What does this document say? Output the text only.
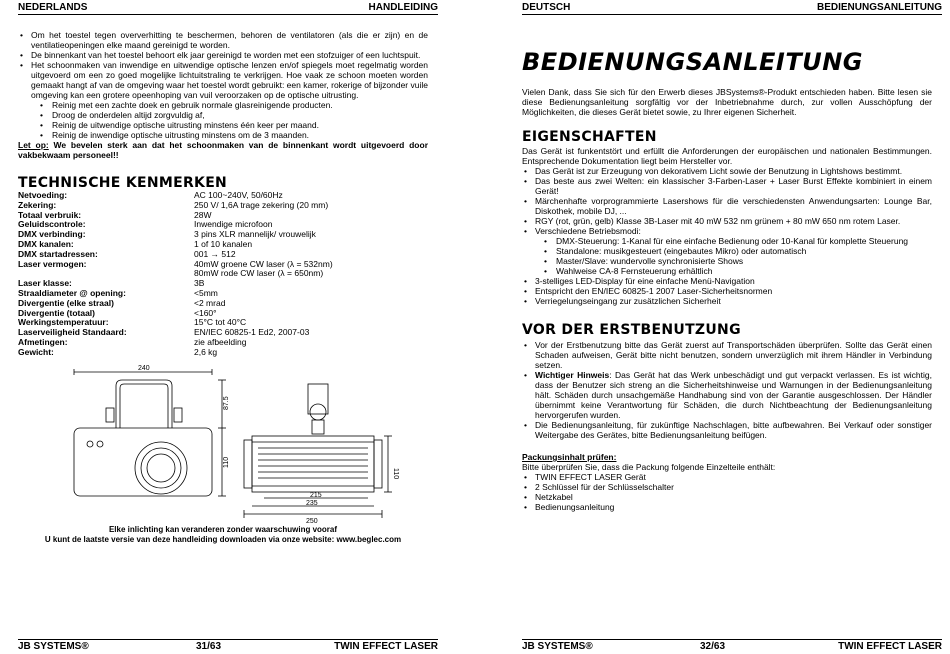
NEDERLANDS	HANDLEIDING
• Om het toestel tegen oververhitting te beschermen, behoren de ventilatoren (als die er zijn) en de ventilatieopeningen elke maand gereinigd te worden.
• De binnenkant van het toestel behoort elk jaar gereinigd te worden met een stofzuiger of een luchtspuit.
• Het schoonmaken van inwendige en uitwendige optische lenzen en/of spiegels moet regelmatig worden uitgevoerd om een zo goed mogelijke lichtuitstraling te verkrijgen. Hoe vaak ze schoon moeten worden gemaakt hangt af van de omgeving waar het toestel wordt gebruikt: een kamer, rokerige of bijzonder vuile omgeving kan een grotere opeenhoping van vuil veroorzaken op de optische uitrusting.
• Reinig met een zachte doek en gebruik normale glasreinigende producten.
• Droog de onderdelen altijd zorgvuldig af,
• Reinig de uitwendige optische uitrusting minstens één keer per maand.
• Reinig de inwendige optische uitrusting minstens om de 3 maanden.

Let op: We bevelen sterk aan dat het schoonmaken van de binnenkant wordt uitgevoerd door vakbekwaam personeel!!

TECHNISCHE KENMERKEN
Netvoeding:	AC 100~240V, 50/60Hz
Zekering:	250 V/ 1,6A trage zekering (20 mm)
Totaal verbruik:	28W
Geluidscontrole:	Inwendige microfoon
DMX verbinding:	3 pins XLR mannelijk/ vrouwelijk
DMX kanalen:	1 of 10 kanalen
DMX startadressen:	001 → 512
Laser vermogen:	40mW groene CW laser (λ = 532nm)
	80mW rode CW laser (λ = 650nm)
Laser klasse:	3B
Straaldiameter @ opening:	<5mm
Divergentie (elke straal)	<2 mrad
Divergentie (totaal)	<160°
Werkingstemperatuur:	15°C tot 40°C
Laserveiligheid Standaard:	EN/IEC 60825-1 Ed2, 2007-03
Afmetingen:	zie afbeelding
Gewicht:	2,6 kg
240
87.5
110
110
215
235
250
Elke inlichting kan veranderen zonder waarschuwing vooraf
U kunt de laatste versie van deze handleiding downloaden via onze website: www.beglec.com
JB SYSTEMS®	31/63	TWIN EFFECT LASER
DEUTSCH	BEDIENUNGSANLEITUNG
BEDIENUNGSANLEITUNG

Vielen Dank, dass Sie sich für den Erwerb dieses JBSystems®-Produkt entschieden haben. Bitte lesen sie diese Bedienungsanleitung sorgfältig vor der Inbetriebnahme durch, zur vollen Ausschöpfung der Möglichkeiten, die dieses Gerät bietet sowie, zu Ihrer eigenen Sicherheit.

EIGENSCHAFTEN

Das Gerät ist funkentstört und erfüllt die Anforderungen der europäischen und nationalen Bestimmungen. Entsprechende Dokumentation liegt beim Hersteller vor.

• Das Gerät ist zur Erzeugung von dekorativem Licht sowie der Benutzung in Lightshows bestimmt.
• Das beste aus zwei Welten: ein klassischer 3-Farben-Laser + Laser Burst Effekte kombiniert in einem Gerät!
• Märchenhafte vorprogrammierte Lasershows für die verschiedensten Anwendungsarten: Lounge Bar, Diskothek, mobile DJ, ...
• RGY (rot, grün, gelb) Klasse 3B-Laser mit 40 mW 532 nm grünem + 80 mW 650 nm rotem Laser.
• Verschiedene Betriebsmodi:
• DMX-Steuerung: 1-Kanal für eine einfache Bedienung oder 10-Kanal für komplette Steuerung
• Standalone: musikgesteuert (eingebautes Mikro) oder automatisch
• Master/Slave: wundervolle synchronisierte Shows
• Wahlweise CA-8 Fernsteuerung erhältlich
• 3-stelliges LED-Display für eine einfache Menü-Navigation
• Entspricht den EN/IEC 60825-1 2007 Laser-Sicherheitsnormen
• Verriegelungseingang zur zusätzlichen Sicherheit
VOR DER ERSTBENUTZUNG
• Vor der Erstbenutzung bitte das Gerät zuerst auf Transportschäden überprüfen. Sollte das Gerät einen Schaden aufweisen, Gerät bitte nicht benutzen, sondern unverzüglich mit ihrem Händler in Verbindung setzen.
• Wichtiger Hinweis: Das Gerät hat das Werk unbeschädigt und gut verpackt verlassen. Es ist wichtig, dass der Benutzer sich streng an die Sicherheitshinweise und Warnungen in der Bedienungsanleitung hält. Schäden durch unsachgemäße Handhabung sind von der Garantie ausgeschlossen. Der Händler übernimmt keine Verantwortung für Schäden, die durch Nichtbeachtung der Bedienungsanleitung hervorgerufen wurden.
• Die Bedienungsanleitung, für zukünftige Nachschlagen, bitte aufbewahren. Bei Verkauf oder sonstiger Weitergabe des Gerätes, bitte Bedienungsanleitung beifügen.

Packungsinhalt prüfen:

Bitte überprüfen Sie, dass die Packung folgende Einzelteile enthält:

• TWIN EFFECT LASER Gerät
• 2 Schlüssel für der Schlüsselschalter
• Netzkabel
• Bedienungsanleitung
JB SYSTEMS®	32/63	TWIN EFFECT LASER
